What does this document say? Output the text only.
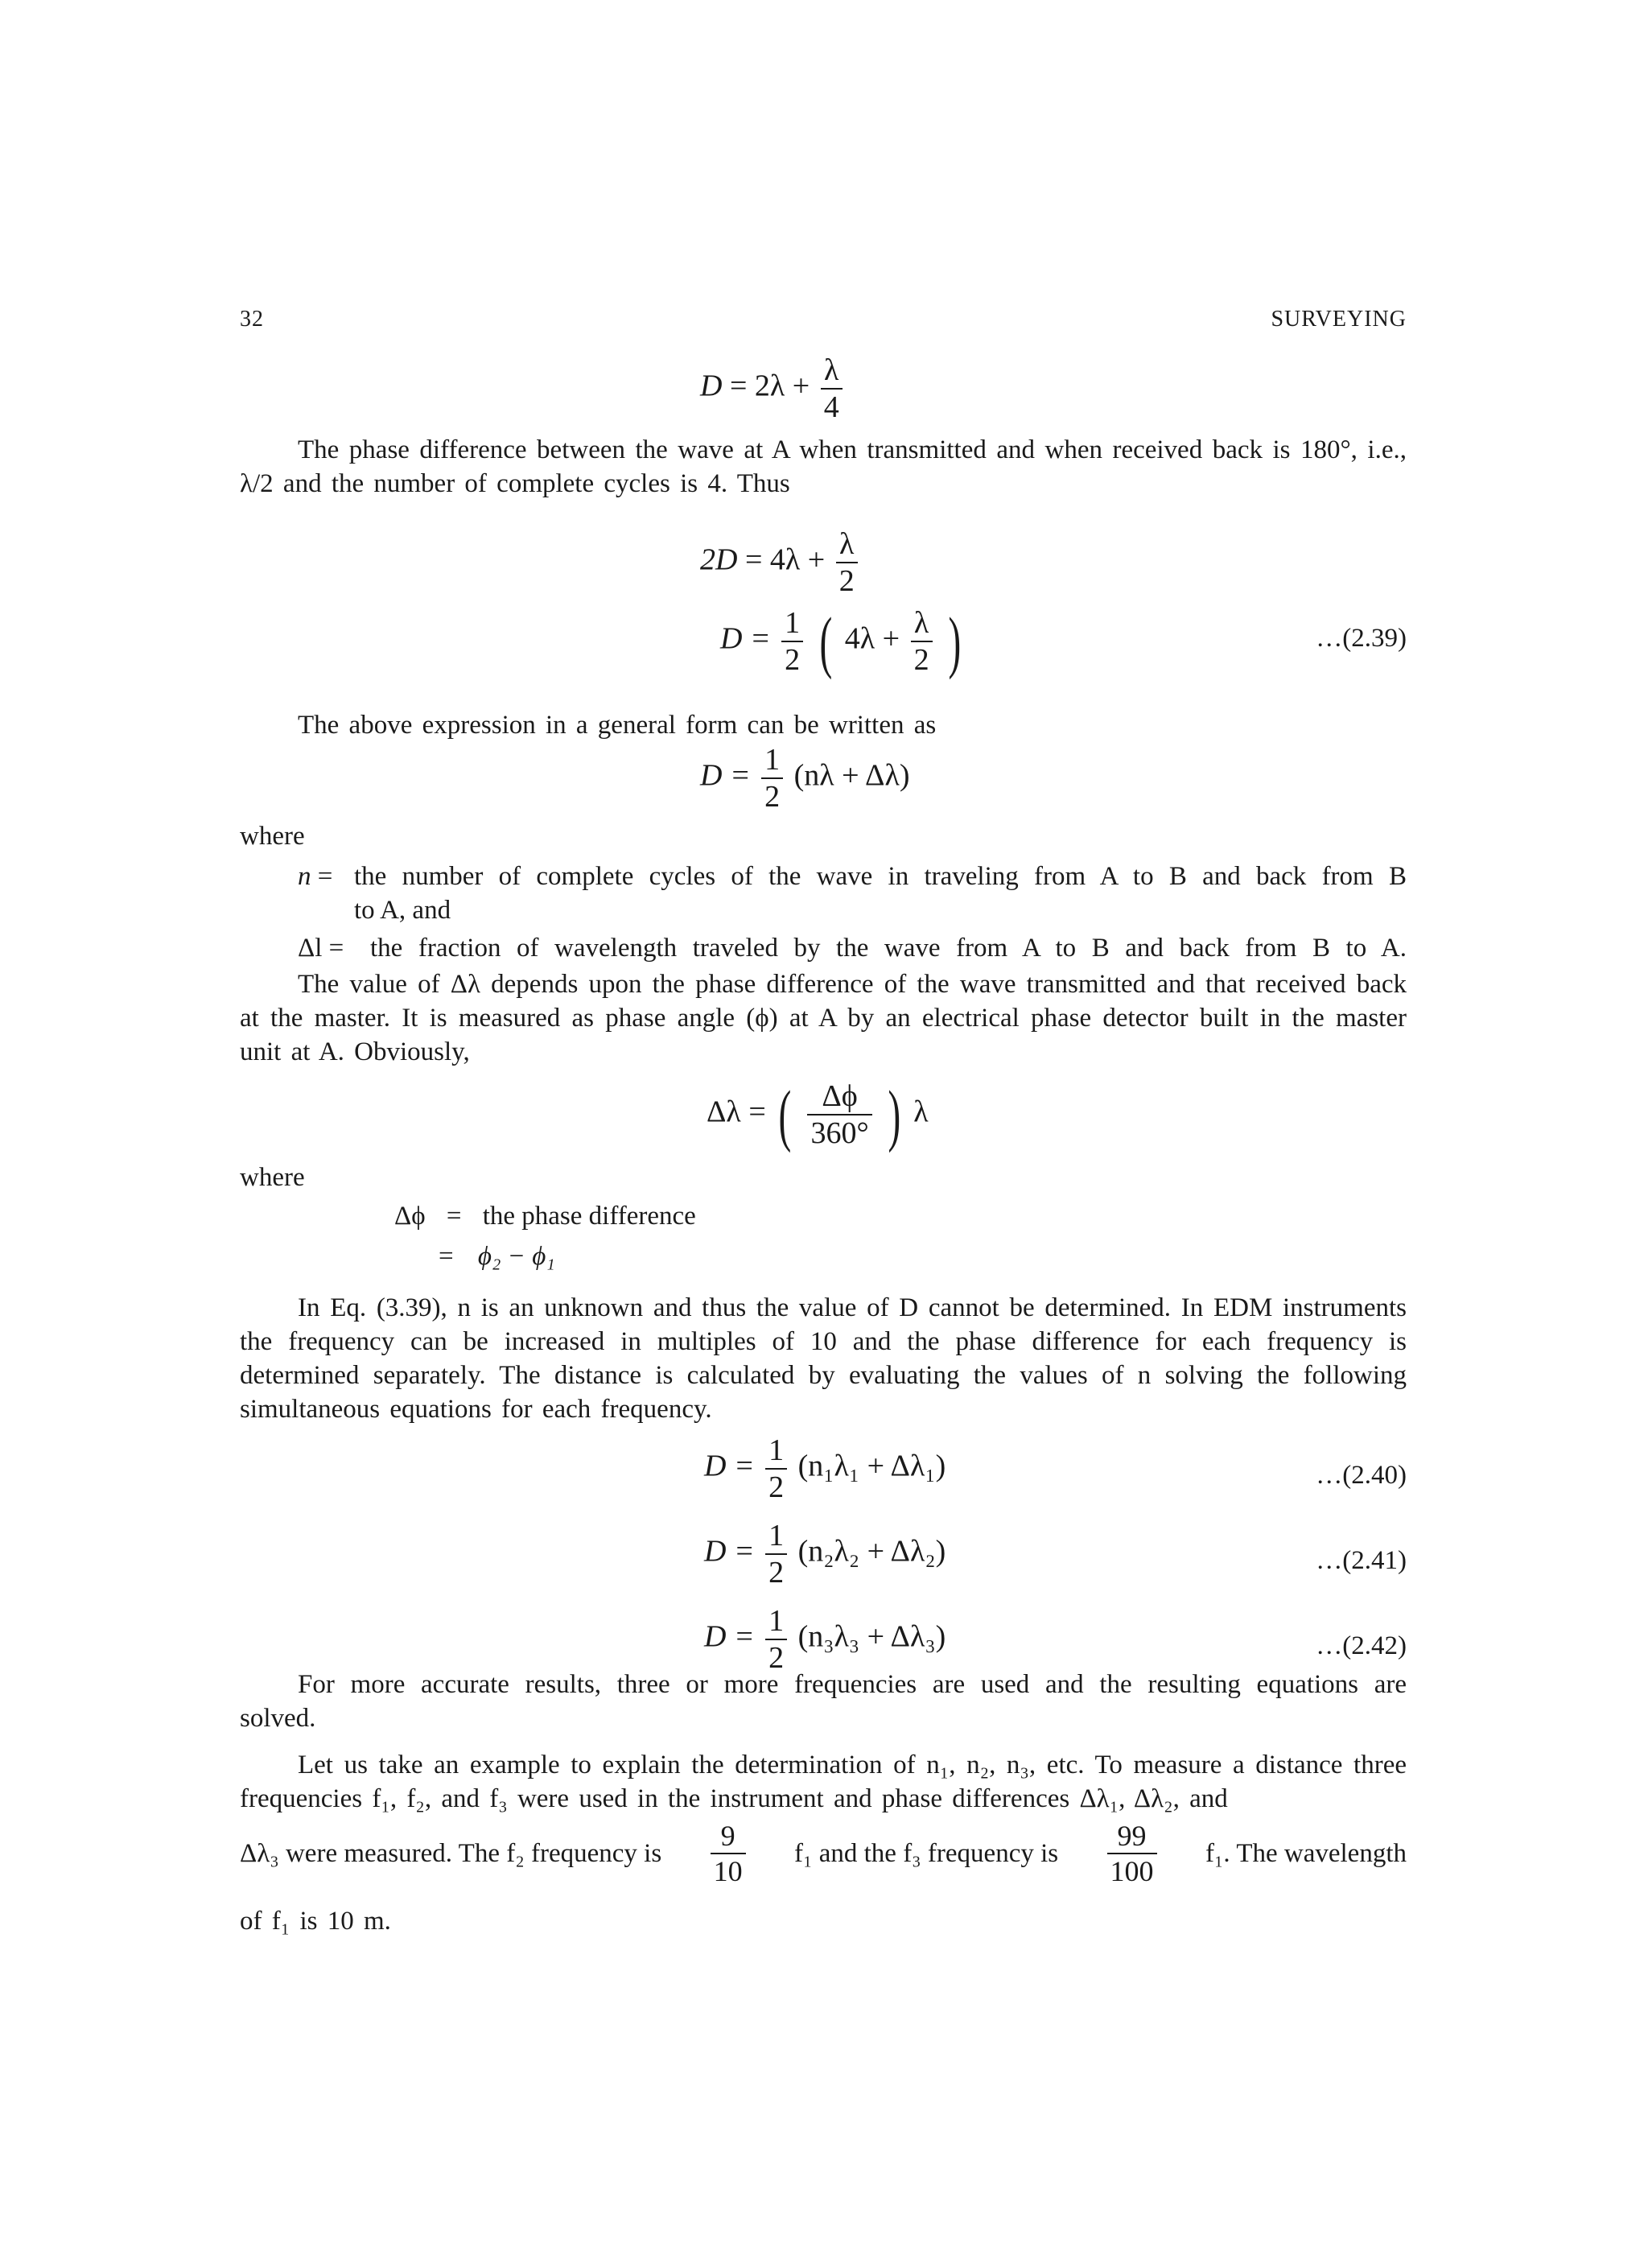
32	SURVEYING
$D = 2\lambda + \frac{\lambda}{4}$
The phase difference between the wave at A when transmitted and when received back is 180°, i.e., λ/2 and the number of complete cycles is 4. Thus
$2D = 4\lambda + \frac{\lambda}{2}$
$D = \frac{1}{2}$ ( $4\lambda + \frac{\lambda}{2}$ )	…(2.39)
The above expression in a general form can be written as
$D = \frac{1}{2} (n\lambda + \Delta\lambda)$
where
n = the number of complete cycles of the wave in traveling from A to B and back from B
to A, and
Δl = the fraction of wavelength traveled by the wave from A to B and back from B to A.
The value of Δλ depends upon the phase difference of the wave transmitted and that received back at the master. It is measured as phase angle (ϕ) at A by an electrical phase detector built in the master unit at A. Obviously,
Δλ = ( $\frac{\Delta\phi}{360^\circ}$ ) λ
where
Δϕ = the phase difference
= ϕ₂ − ϕ₁
In Eq. (3.39), n is an unknown and thus the value of D cannot be determined. In EDM instruments the frequency can be increased in multiples of 10 and the phase difference for each frequency is determined separately. The distance is calculated by evaluating the values of n solving the following simultaneous equations for each frequency.
$D = \frac{1}{2} (n_1\lambda_1 + \Delta\lambda_1)$	…(2.40)
$D = \frac{1}{2} (n_2\lambda_2 + \Delta\lambda_2)$	…(2.41)
$D = \frac{1}{2} (n_3\lambda_3 + \Delta\lambda_3)$	…(2.42)
For more accurate results, three or more frequencies are used and the resulting equations are solved.
Let us take an example to explain the determination of n₁, n₂, n₃, etc. To measure a distance three frequencies f₁, f₂, and f₃ were used in the instrument and phase differences Δλ₁, Δλ₂, and
Δλ₃ were measured. The f₂ frequency is $\frac{9}{10} f_1$ and the f₃ frequency is $\frac{99}{100} f_1$. The wavelength
of f₁ is 10 m.
